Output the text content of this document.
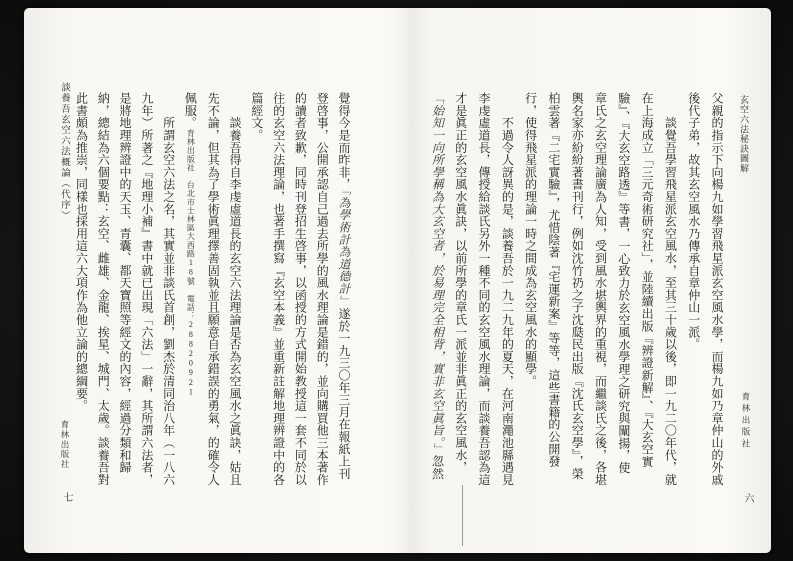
玄空六法秘訣圖解
父親的指示下向楊九如學習飛星派玄空風水學，而楊九如乃章仲山的外戚
後代子弟，故其玄空風水乃傳承自章仲山一派。
　　談覺吾學習飛星派玄空風水，至其三十歲以後，即一九二〇年代，就
在上海成立「三元奇術研究社」，並陸續出版『辨證新解』、『大玄空實
驗』、『大玄空路透』等書，一心致力於玄空風水學理之研究與闡揚，使
章氏之玄空理論廣為人知，受到風水堪輿界的重視，而繼談氏之後，各堪
輿名家亦紛紛著書刊行，例如沈竹礽之子沈瓞民出版『沈氏玄空學』，榮
柏雲著『二宅實驗』，尤惜陰著『宅運新案』等等，這些書籍的公開發
行，使得飛星派的理論一時之間成為玄空風水的顯學。
　　不過令人訝異的是，談養吾於一九二九年的夏天，在河南澠池縣遇見
李虔虛道長，傳授給談氏另外一種不同的玄空風水理論，而談養吾認為這
才是眞正的玄空風水眞訣，以前所學的章氏一派並非眞正的玄空風水，
「始知一向所學稱為大玄空者，於易理完全相背，實非玄空眞旨。」忽然
育林出版社
六
談養吾玄空六法概論（代序）	覺得今是而昨非，「為學術計為道德計」遂於一九三〇年三月在報紙上刊
登啓事，公開承認自己過去所學的風水理論是錯的，並向購買他三本著作
的讀者致歉，同時刊登招生啓事，以函授的方式開始教授這一套不同於以
往的玄空六法理論，也著手撰寫『玄空本義』並重新註解地理辨證中的各
篇經文。
　　談養吾得自李虔虛道長的玄空六法理論是否為玄空風水之眞訣，姑且
先不論，但其為了學術眞理擇善固執並且願意自承錯誤的勇氣，的確令人
佩服。育林出版社　台北市士林區大西路18號　電話：28820921
　　所謂玄空六法之名，其實並非談氏首創，劉杰於清同治八年（一八六
九年）所著之『地理小補』書中就已出現「六法」一辭，其所謂六法者，
是將地理辨證中的天玉、青囊、都天寶照等經文的內容，經過分類和歸
納，總結為六個要點：玄空、雌雄、金龍、挨星、城門、太歲。談養吾對
此書頗為推崇，同樣也採用這六大項作為他立論的總綱要。
育林出版社
七
